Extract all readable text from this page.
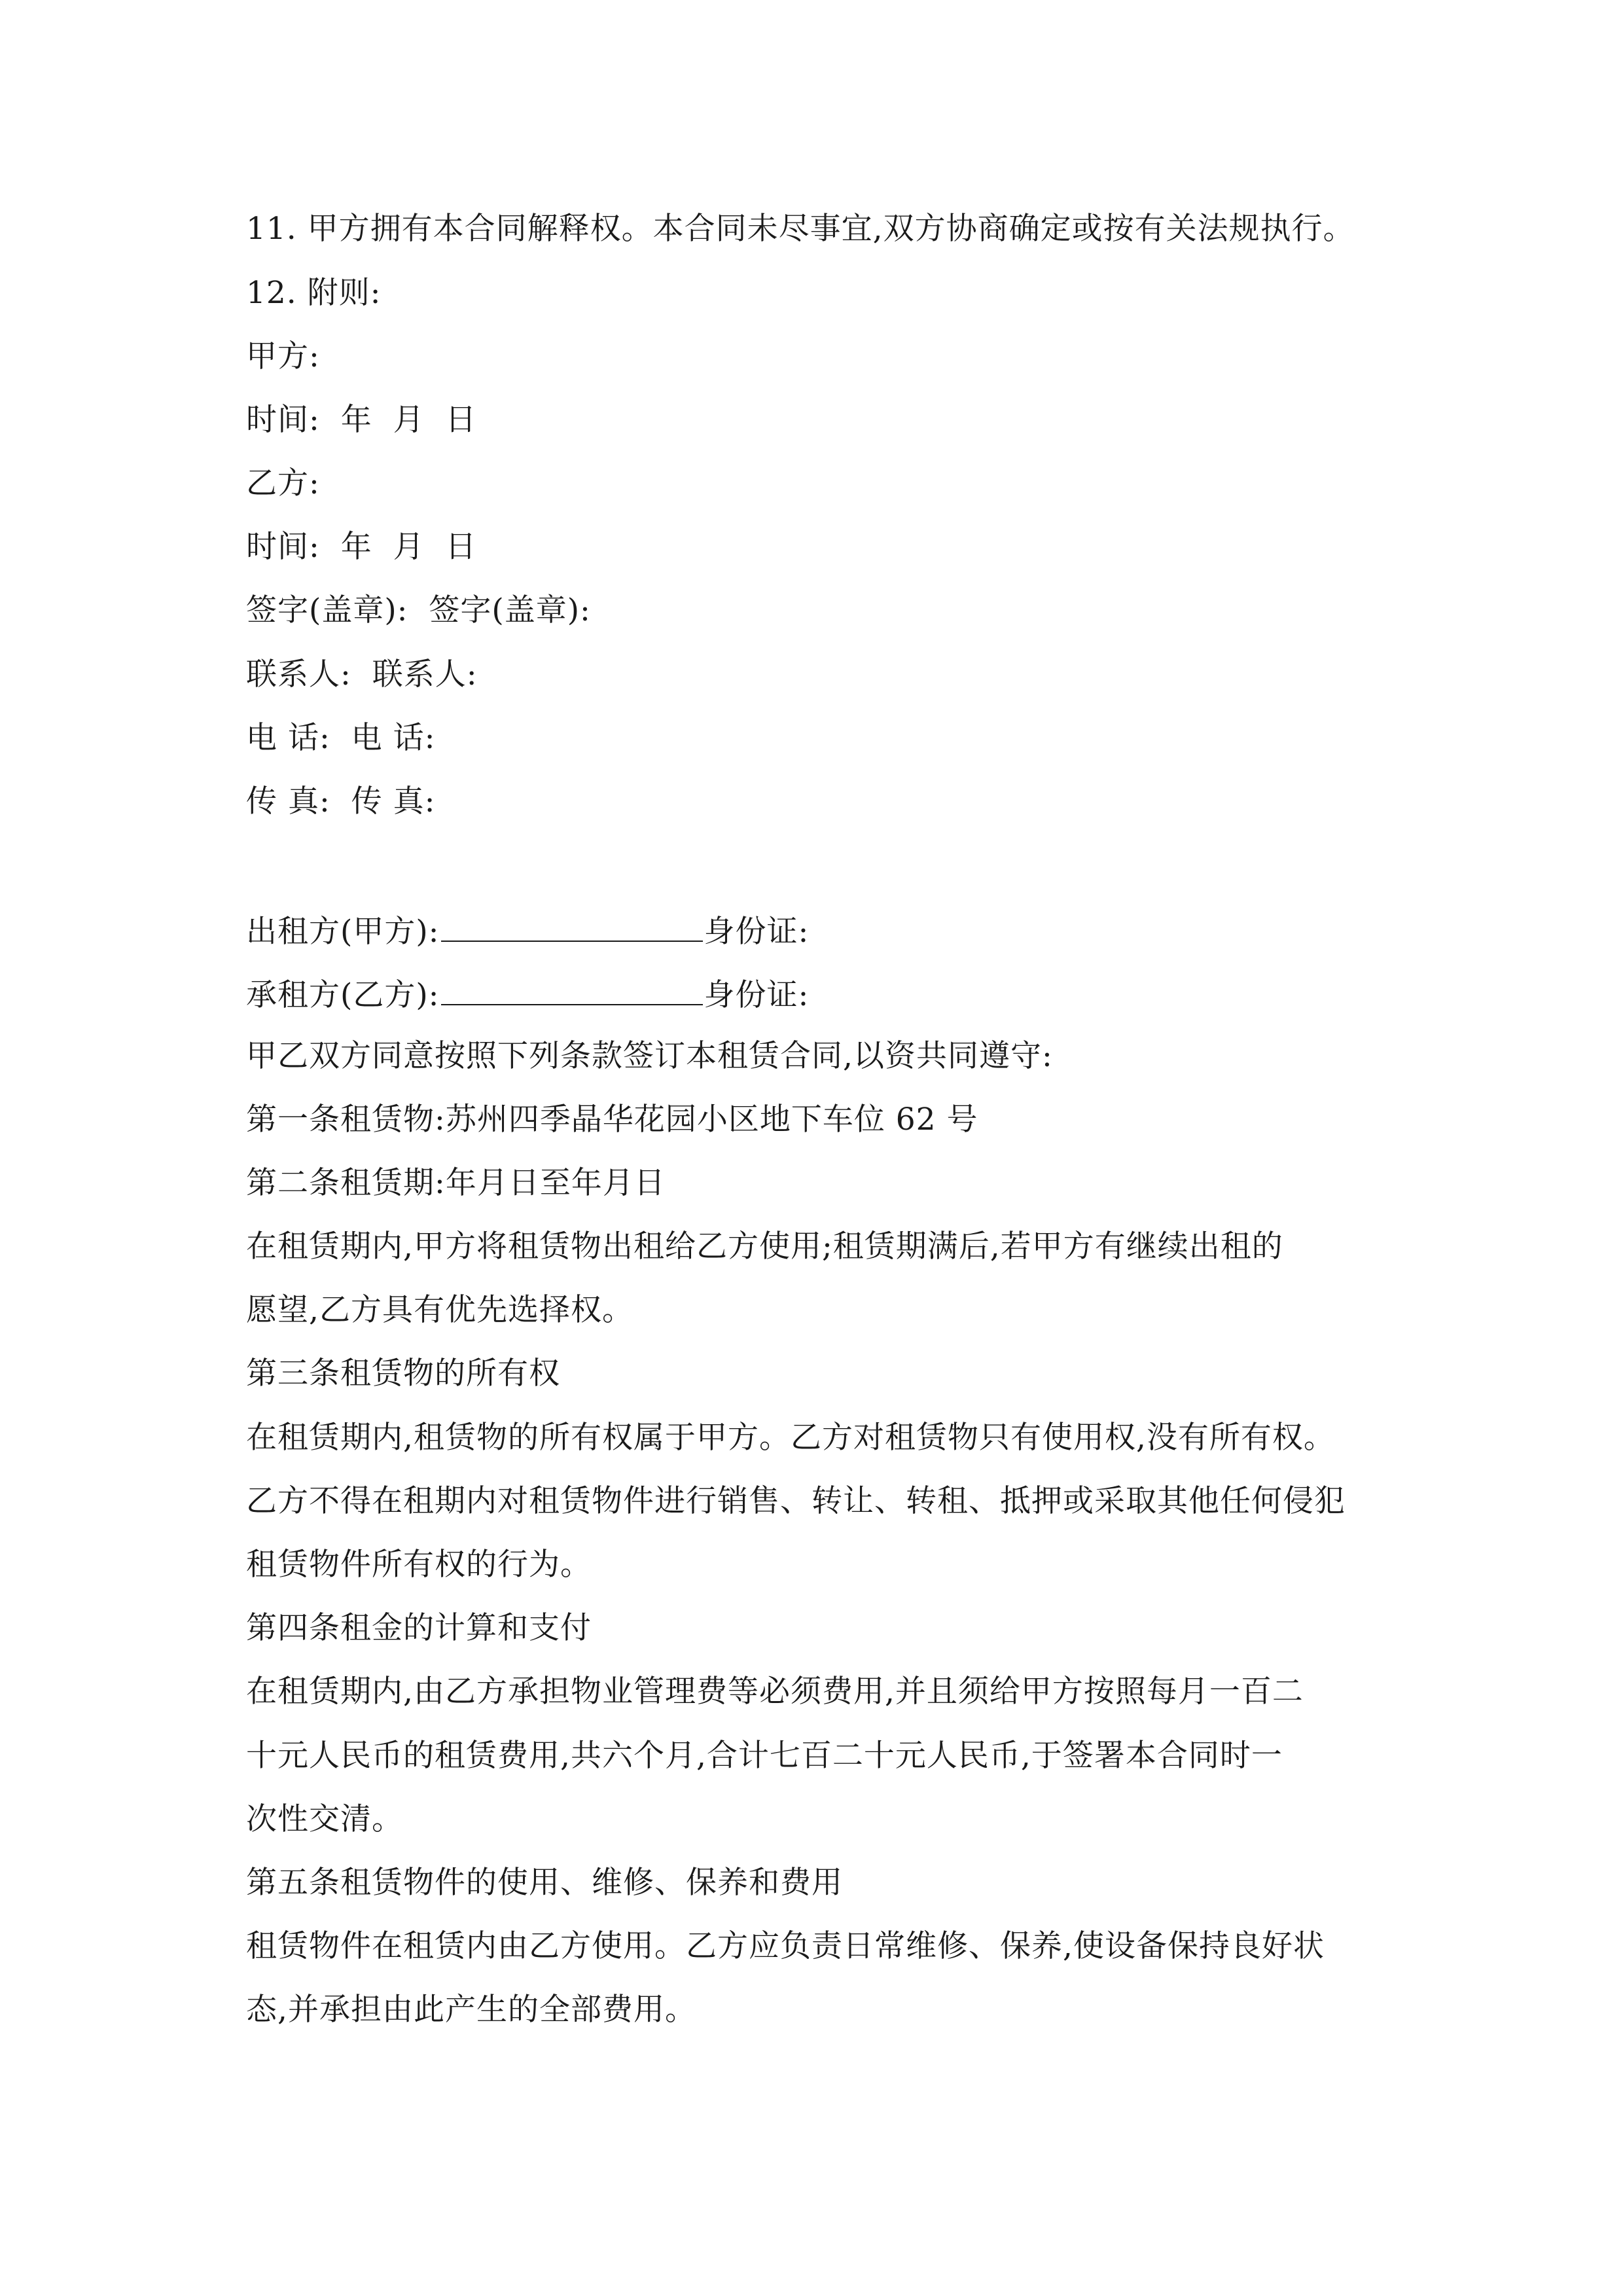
11. 甲方拥有本合同解释权。本合同未尽事宜,双方协商确定或按有关法规执行。
12. 附则:
甲方:
时间:  年  月  日
乙方:
时间:  年  月  日
签字(盖章):  签字(盖章):
联系人:  联系人:
电 话:  电 话:
传 真:  传 真:
出租方(甲方):	身份证:
承租方(乙方):	身份证:
甲乙双方同意按照下列条款签订本租赁合同,以资共同遵守:
第一条租赁物:苏州四季晶华花园小区地下车位 62 号
第二条租赁期:年月日至年月日
在租赁期内,甲方将租赁物出租给乙方使用;租赁期满后,若甲方有继续出租的
愿望,乙方具有优先选择权。
第三条租赁物的所有权
在租赁期内,租赁物的所有权属于甲方。乙方对租赁物只有使用权,没有所有权。
乙方不得在租期内对租赁物件进行销售、转让、转租、抵押或采取其他任何侵犯
租赁物件所有权的行为。
第四条租金的计算和支付
在租赁期内,由乙方承担物业管理费等必须费用,并且须给甲方按照每月一百二
十元人民币的租赁费用,共六个月,合计七百二十元人民币,于签署本合同时一
次性交清。
第五条租赁物件的使用、维修、保养和费用
租赁物件在租赁内由乙方使用。乙方应负责日常维修、保养,使设备保持良好状
态,并承担由此产生的全部费用。
